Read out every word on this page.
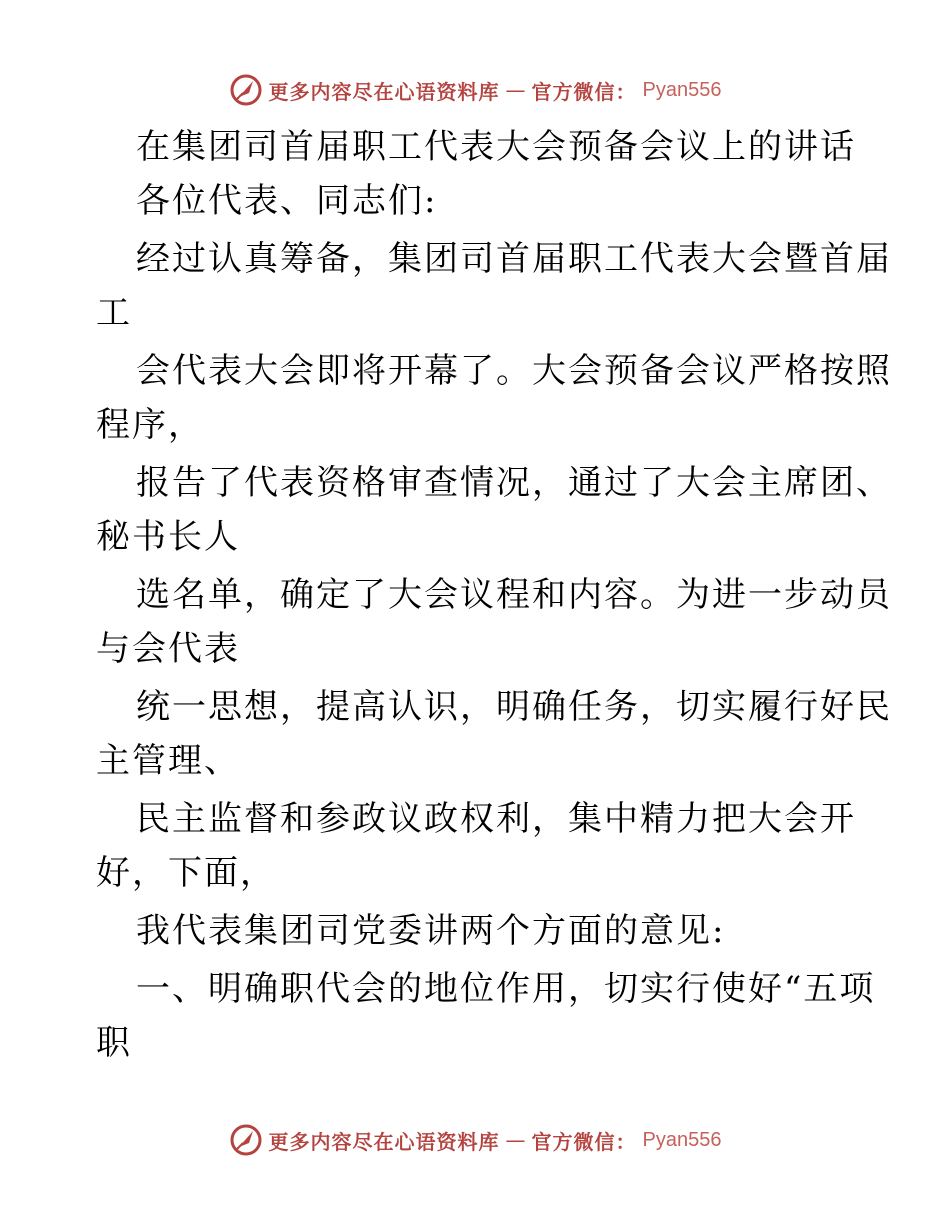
更多内容尽在心语资料库 — 官方微信： Pyan556

在集团司首届职工代表大会预备会议上的讲话

各位代表、同志们:

经过认真筹备，集团司首届职工代表大会暨首届

工

会代表大会即将开幕了。大会预备会议严格按照

程序，

报告了代表资格审查情况，通过了大会主席团、

秘书长人

选名单，确定了大会议程和内容。为进一步动员

与会代表

统一思想，提高认识，明确任务，切实履行好民

主管理、

民主监督和参政议政权利，集中精力把大会开

好，下面，

我代表集团司党委讲两个方面的意见:

一、明确职代会的地位作用，切实行使好“五项

职

更多内容尽在心语资料库 — 官方微信： Pyan556
